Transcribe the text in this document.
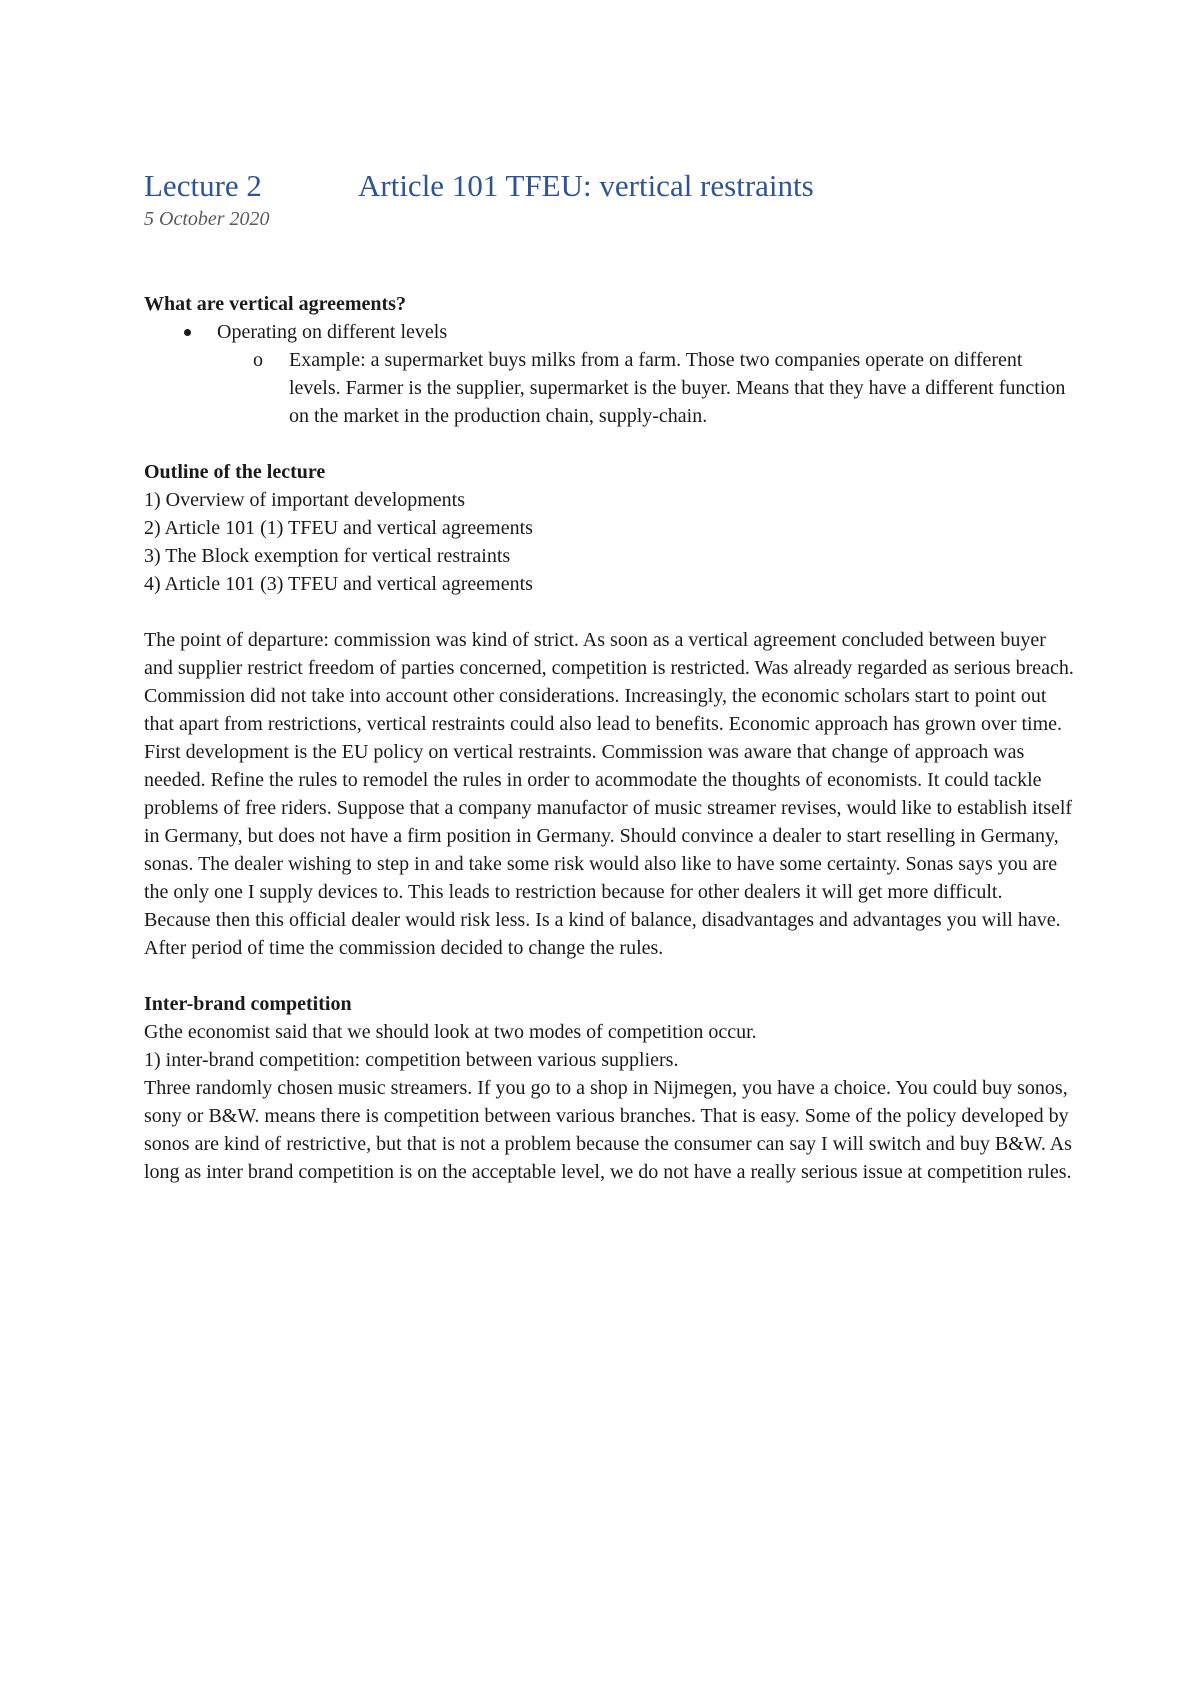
Lecture 2	Article 101 TFEU: vertical restraints
5 October 2020

What are vertical agreements?

Operating on different levels
o Example: a supermarket buys milks from a farm. Those two companies operate on different levels. Farmer is the supplier, supermarket is the buyer. Means that they have a different function on the market in the production chain, supply-chain.

Outline of the lecture

1) Overview of important developments
2) Article 101 (1) TFEU and vertical agreements
3) The Block exemption for vertical restraints
4) Article 101 (3) TFEU and vertical agreements

The point of departure: commission was kind of strict. As soon as a vertical agreement concluded between buyer and supplier restrict freedom of parties concerned, competition is restricted. Was already regarded as serious breach. Commission did not take into account other considerations. Increasingly, the economic scholars start to point out that apart from restrictions, vertical restraints could also lead to benefits. Economic approach has grown over time. First development is the EU policy on vertical restraints. Commission was aware that change of approach was needed. Refine the rules to remodel the rules in order to acommodate the thoughts of economists. It could tackle problems of free riders. Suppose that a company manufactor of music streamer revises, would like to establish itself in Germany, but does not have a firm position in Germany. Should convince a dealer to start reselling in Germany, sonas. The dealer wishing to step in and take some risk would also like to have some certainty. Sonas says you are the only one I supply devices to. This leads to restriction because for other dealers it will get more difficult. Because then this official dealer would risk less. Is a kind of balance, disadvantages and advantages you will have. After period of time the commission decided to change the rules.

Inter-brand competition

Gthe economist said that we should look at two modes of competition occur.
1) inter-brand competition: competition between various suppliers.

Three randomly chosen music streamers. If you go to a shop in Nijmegen, you have a choice. You could buy sonos, sony or B&W. means there is competition between various branches. That is easy. Some of the policy developed by sonos are kind of restrictive, but that is not a problem because the consumer can say I will switch and buy B&W. As long as inter brand competition is on the acceptable level, we do not have a really serious issue at competition rules.
